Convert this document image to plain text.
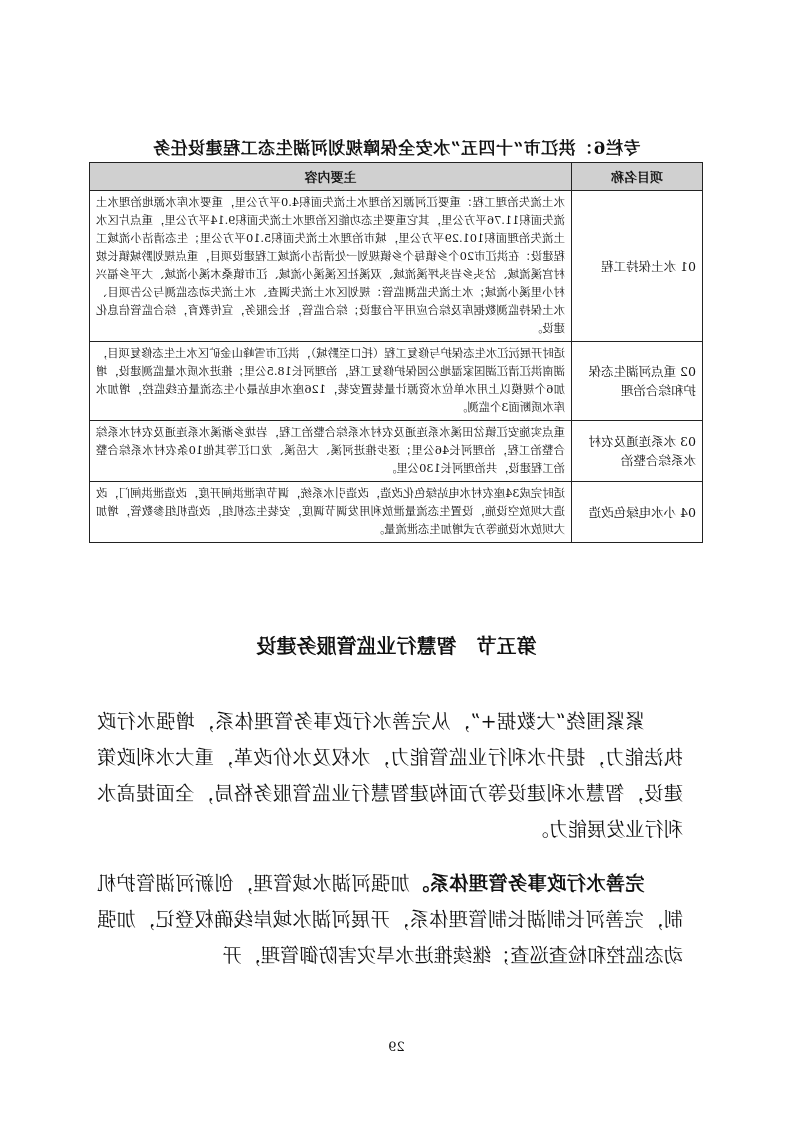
专栏6：洪江市“十四五”水安全保障规划河湖生态工程建设任务
项目名称	主要内容
01 水土保持工程	水土流失治理工程：重要江河源区治理水土流失面积4.0平方公里，重要水库水源地治理水土流失面积11.76平方公里，其它重要生态功能区治理水土流失面积9.14平方公里，重点片区水土流失治理面积101.29平方公里，城市治理水土流失面积5.10平方公里；生态清洁小流域工程建设：在洪江市20个乡镇每个乡镇规划一处清洁小流域工程建设项目，重点规划黔城镇长坡村宫溪流域、岔头乡岩头坪溪流域、双溪社区溪溪小流域、江市镇桑木溪小流域、大平乡福兴村小里溪小流域；水土流失监测监管：规划区水土流失调查、水土流失动态监测与公告项目、水土保持监测数据库及综合应用平台建设；综合监管，社会服务，宣传教育，综合监管信息化建设。
02 重点河湖生态保护和综合治理	适时开展沅江水生态保护与修复工程（托口至黔城），洪江市雪峰山金矿区水土生态修复项目，湖南洪江清江湖国家湿地公园保护修复工程，治理河长18.5公里；推进水质水量监测建设，增加6个规模以上用水单位水资源计量装置安装，126座水电站最小生态流量在线监控，增加水库水质断面3个监测。
03 水系连通及农村水系综合整治	重点实施安江镇岔田溪水系连通及农村水系综合整治工程，岩垅乡渐溪水系连通及农村水系综合整治工程，治理河长46公里；逐步推进河溪、大岳溪、龙口江等其他10条农村水系综合整治工程建设，共治理河长130公里。
04 小水电绿色改造	适时完成34座农村水电站绿色化改造，改造引水系统，调节库泄洪闸开度，改造泄洪闸门，改造大坝放空设施，设置生态流量泄放利用发调节调度，安装生态机组，改造机组参数管，增加大坝放水设施等方式增加生态泄流量。
第五节　智慧行业监管服务建设

紧紧围绕“大数据+”，从完善水行政事务管理体系，增强水行政执法能力，提升水利行业监管能力，水权及水价改革，重大水利政策建设，智慧水利建设等方面构建智慧行业监管服务格局，全面提高水利行业发展能力。

完善水行政事务管理体系。加强河湖水域管理，创新河湖管护机制，完善河长制湖长制管理体系，开展河湖水域岸线确权登记，加强动态监控和检查巡查；继续推进水旱灾害防御管理，开

29
